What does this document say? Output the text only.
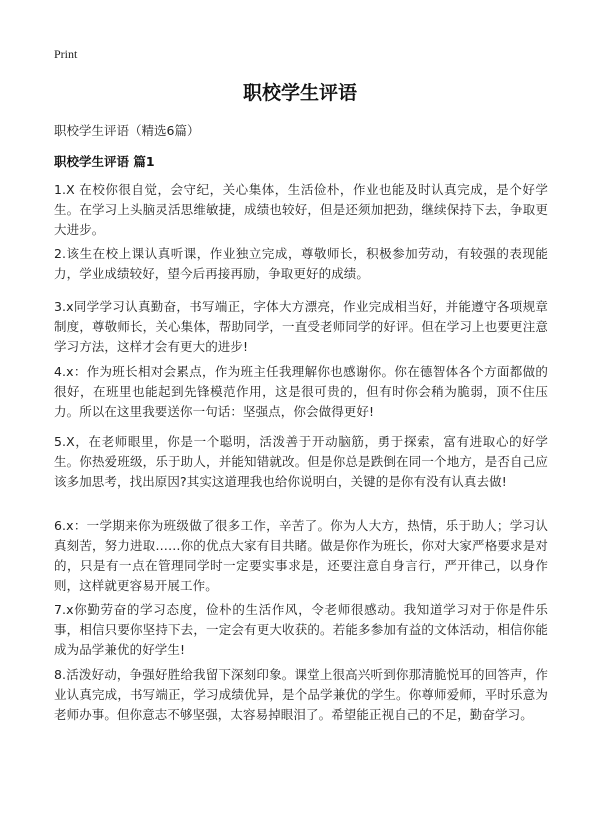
Print
职校学生评语

职校学生评语（精选6篇）

职校学生评语 篇1

1.X 在校你很自觉，会守纪，关心集体，生活俭朴，作业也能及时认真完成，是个好学生。在学习上头脑灵活思维敏捷，成绩也较好，但是还须加把劲，继续保持下去，争取更大进步。

2.该生在校上课认真听课，作业独立完成，尊敬师长，积极参加劳动，有较强的表现能力，学业成绩较好，望今后再接再励，争取更好的成绩。

3.x同学学习认真勤奋，书写端正，字体大方漂亮，作业完成相当好，并能遵守各项规章制度，尊敬师长，关心集体，帮助同学，一直受老师同学的好评。但在学习上也要更注意学习方法，这样才会有更大的进步!

4.x：作为班长相对会累点，作为班主任我理解你也感谢你。你在德智体各个方面都做的很好，在班里也能起到先锋模范作用，这是很可贵的，但有时你会稍为脆弱，顶不住压力。所以在这里我要送你一句话：坚强点，你会做得更好!

5.X，在老师眼里，你是一个聪明，活泼善于开动脑筋，勇于探索，富有进取心的好学生。你热爱班级，乐于助人，并能知错就改。但是你总是跌倒在同一个地方，是否自己应该多加思考，找出原因?其实这道理我也给你说明白，关键的是你有没有认真去做!

6.x：一学期来你为班级做了很多工作，辛苦了。你为人大方，热情，乐于助人；学习认真刻苦，努力进取……你的优点大家有目共睹。做是你作为班长，你对大家严格要求是对的，只是有一点在管理同学时一定要实事求是，还要注意自身言行，严开律己，以身作则，这样就更容易开展工作。

7.x你勤劳奋的学习态度，俭朴的生活作风，令老师很感动。我知道学习对于你是件乐事，相信只要你坚持下去，一定会有更大收获的。若能多参加有益的文体活动，相信你能成为品学兼优的好学生!

8.活泼好动，争强好胜给我留下深刻印象。课堂上很高兴听到你那清脆悦耳的回答声，作业认真完成，书写端正，学习成绩优异，是个品学兼优的学生。你尊师爱师，平时乐意为老师办事。但你意志不够坚强，太容易掉眼泪了。希望能正视自己的不足，勤奋学习。
